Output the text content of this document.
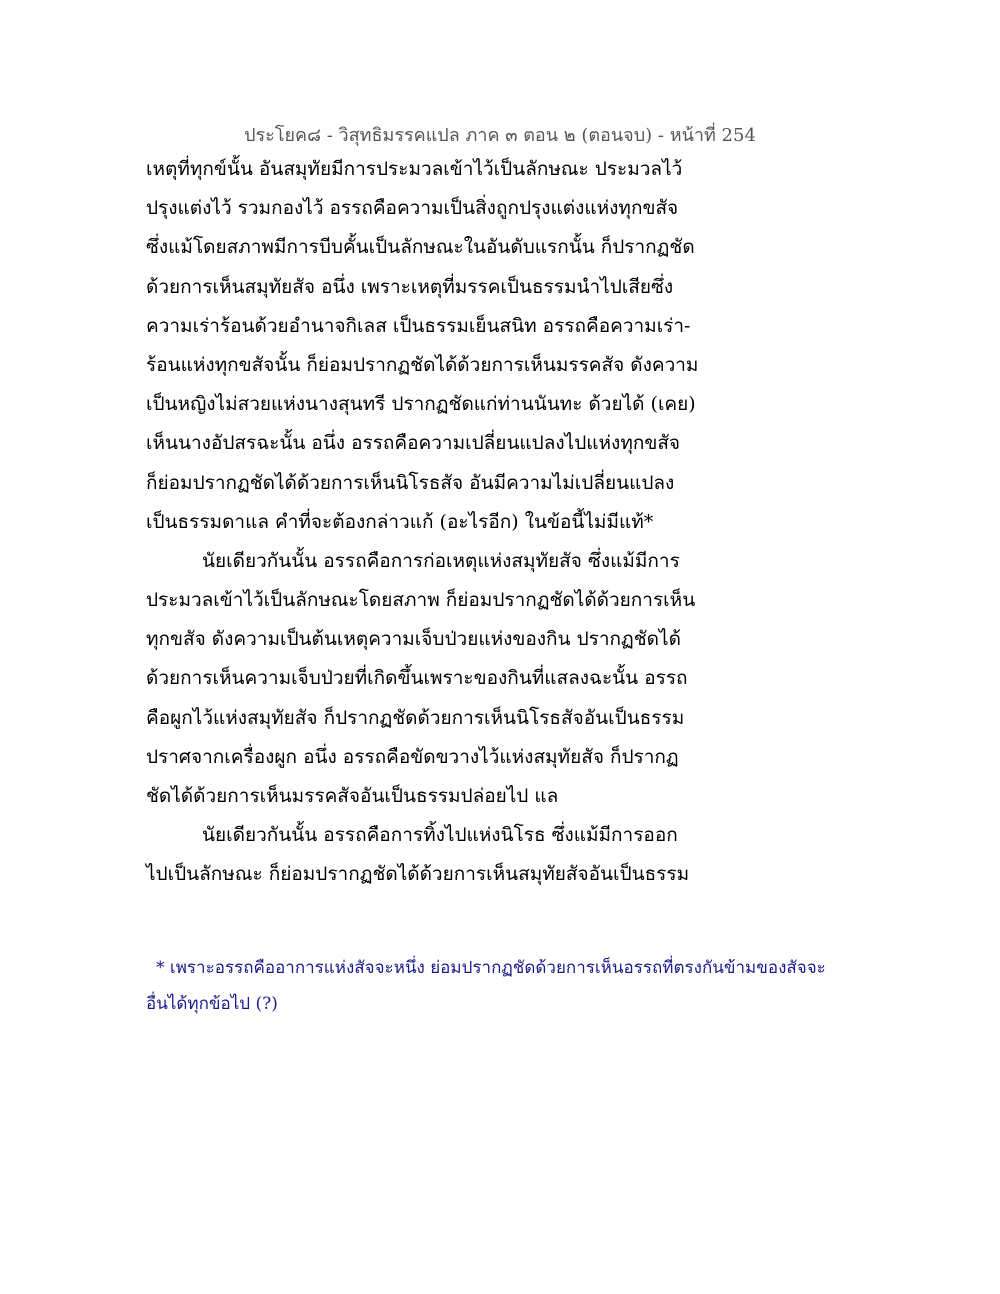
ประโยค๘ - วิสุทธิมรรคแปล ภาค ๓ ตอน ๒ (ตอนจบ) - หน้าที่ 254
เหตุที่ทุกข์นั้น อันสมุทัยมีการประมวลเข้าไว้เป็นลักษณะ ประมวลไว้
ปรุงแต่งไว้ รวมกองไว้ อรรถคือความเป็นสิ่งถูกปรุงแต่งแห่งทุกขสัจ
ซึ่งแม้โดยสภาพมีการบีบคั้นเป็นลักษณะในอันดับแรกนั้น ก็ปรากฏชัด
ด้วยการเห็นสมุทัยสัจ อนึ่ง เพราะเหตุที่มรรคเป็นธรรมนำไปเสียซึ่ง
ความเร่าร้อนด้วยอำนาจกิเลส เป็นธรรมเย็นสนิท อรรถคือความเร่า-
ร้อนแห่งทุกขสัจนั้น ก็ย่อมปรากฏชัดได้ด้วยการเห็นมรรคสัจ ดังความ
เป็นหญิงไม่สวยแห่งนางสุนทรี ปรากฏชัดแก่ท่านนันทะ ด้วยได้ (เคย)
เห็นนางอัปสรฉะนั้น อนึ่ง อรรถคือความเปลี่ยนแปลงไปแห่งทุกขสัจ
ก็ย่อมปรากฏชัดได้ด้วยการเห็นนิโรธสัจ อันมีความไม่เปลี่ยนแปลง
เป็นธรรมดาแล คำที่จะต้องกล่าวแก้ (อะไรอีก) ในข้อนี้ไม่มีแท้*
นัยเดียวกันนั้น อรรถคือการก่อเหตุแห่งสมุทัยสัจ ซึ่งแม้มีการ
ประมวลเข้าไว้เป็นลักษณะโดยสภาพ ก็ย่อมปรากฏชัดได้ด้วยการเห็น
ทุกขสัจ ดังความเป็นต้นเหตุความเจ็บป่วยแห่งของกิน ปรากฏชัดได้
ด้วยการเห็นความเจ็บป่วยที่เกิดขึ้นเพราะของกินที่แสลงฉะนั้น อรรถ
คือผูกไว้แห่งสมุทัยสัจ ก็ปรากฏชัดด้วยการเห็นนิโรธสัจอันเป็นธรรม
ปราศจากเครื่องผูก อนึ่ง อรรถคือขัดขวางไว้แห่งสมุทัยสัจ ก็ปรากฏ
ชัดได้ด้วยการเห็นมรรคสัจอันเป็นธรรมปล่อยไป แล
นัยเดียวกันนั้น อรรถคือการทิ้งไปแห่งนิโรธ ซึ่งแม้มีการออก
ไปเป็นลักษณะ ก็ย่อมปรากฏชัดได้ด้วยการเห็นสมุทัยสัจอันเป็นธรรม
* เพราะอรรถคืออาการแห่งสัจจะหนึ่ง ย่อมปรากฏชัดด้วยการเห็นอรรถที่ตรงกันข้ามของสัจจะ
อื่นได้ทุกข้อไป (?)
